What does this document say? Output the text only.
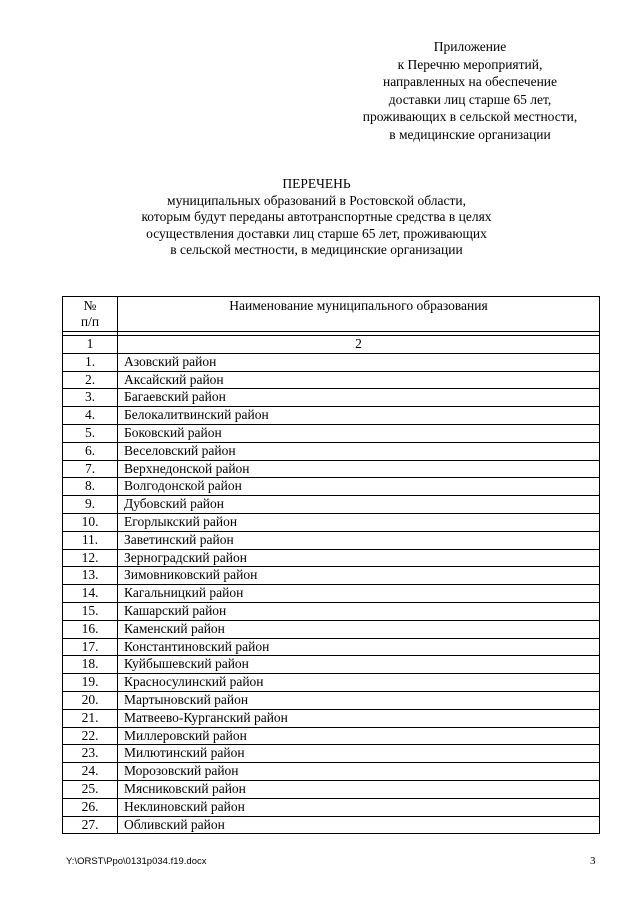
Приложение
к Перечню мероприятий,
направленных на обеспечение
доставки лиц старше 65 лет,
проживающих в сельской местности,
в медицинские организации
ПЕРЕЧЕНЬ
муниципальных образований в Ростовской области,
которым будут переданы автотранспортные средства в целях
осуществления доставки лиц старше 65 лет, проживающих
в сельской местности, в медицинские организации
№
п/п	Наименование муниципального образования

1	2
1.	Азовский район
2.	Аксайский район
3.	Багаевский район
4.	Белокалитвинский район
5.	Боковский район
6.	Веселовский район
7.	Верхнедонской район
8.	Волгодонской район
9.	Дубовский район
10.	Егорлыкский район
11.	Заветинский район
12.	Зерноградский район
13.	Зимовниковский район
14.	Кагальницкий район
15.	Кашарский район
16.	Каменский район
17.	Константиновский район
18.	Куйбышевский район
19.	Красносулинский район
20.	Мартыновский район
21.	Матвеево-Курганский район
22.	Миллеровский район
23.	Милютинский район
24.	Морозовский район
25.	Мясниковский район
26.	Неклиновский район
27.	Обливский район
Y:\ORST\Ppo\0131p034.f19.docx	3
